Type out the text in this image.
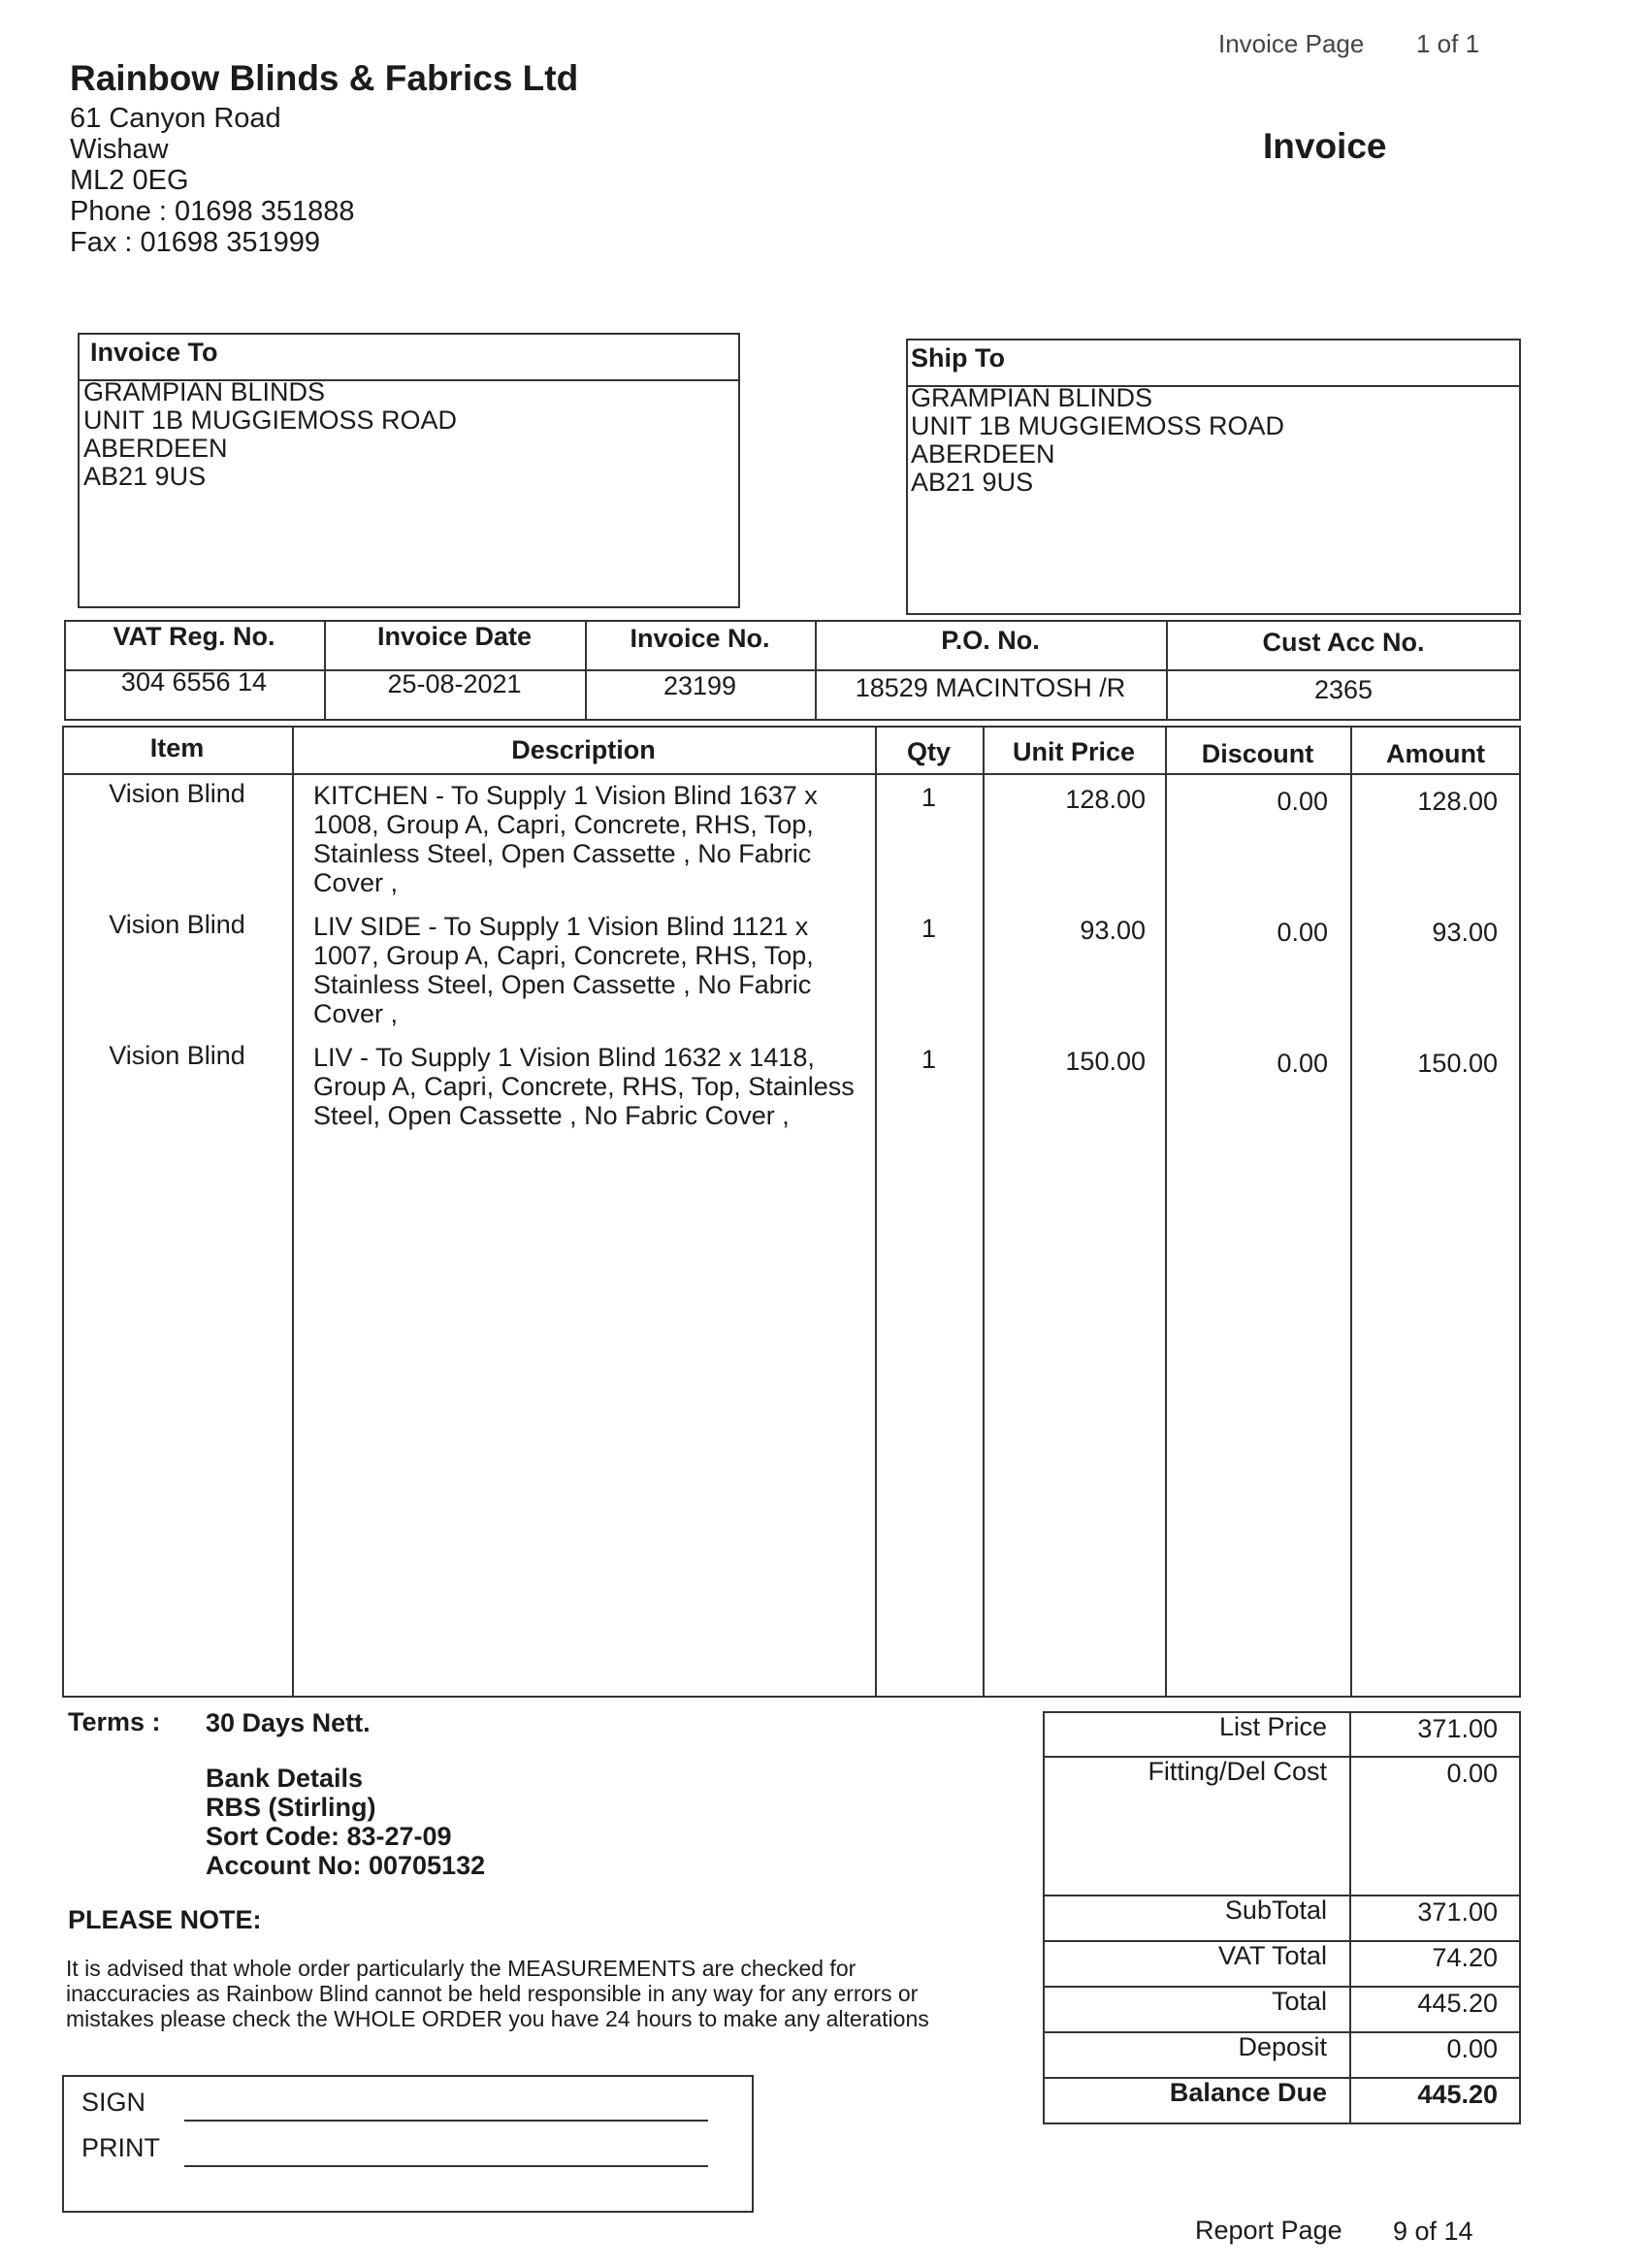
Invoice Page 1 of 1
Rainbow Blinds & Fabrics Ltd
61 Canyon Road
Wishaw
ML2 0EG
Phone : 01698 351888
Fax : 01698 351999
Invoice
Invoice To
GRAMPIAN BLINDS
UNIT 1B MUGGIEMOSS ROAD
ABERDEEN
AB21 9US
Ship To
GRAMPIAN BLINDS
UNIT 1B MUGGIEMOSS ROAD
ABERDEEN
AB21 9US
VAT Reg. No.	Invoice Date	Invoice No.	P.O. No.	Cust Acc No.
304 6556 14	25-08-2021	23199	18529 MACINTOSH /R	2365
Item	Description	Qty	Unit Price	Discount	Amount
Vision Blind	KITCHEN - To Supply 1 Vision Blind 1637 x
1008, Group A, Capri, Concrete, RHS, Top,
Stainless Steel, Open Cassette , No Fabric
Cover ,
1	128.00	0.00	128.00
Vision Blind	LIV SIDE - To Supply 1 Vision Blind 1121 x
1007, Group A, Capri, Concrete, RHS, Top,
Stainless Steel, Open Cassette , No Fabric
Cover ,
1	93.00	0.00	93.00
Vision Blind	LIV - To Supply 1 Vision Blind 1632 x 1418,
Group A, Capri, Concrete, RHS, Top, Stainless
Steel, Open Cassette , No Fabric Cover ,
1	150.00	0.00	150.00
Terms : 30 Days Nett.
Bank Details
RBS (Stirling)
Sort Code: 83-27-09
Account No: 00705132
PLEASE NOTE:
It is advised that whole order particularly the MEASUREMENTS are checked for
inaccuracies as Rainbow Blind cannot be held responsible in any way for any errors or
mistakes please check the WHOLE ORDER you have 24 hours to make any alterations
SIGN
PRINT
List Price	371.00
Fitting/Del Cost	0.00
SubTotal	371.00
VAT Total	74.20
Total	445.20
Deposit	0.00
Balance Due	445.20
Report Page 9 of 14
